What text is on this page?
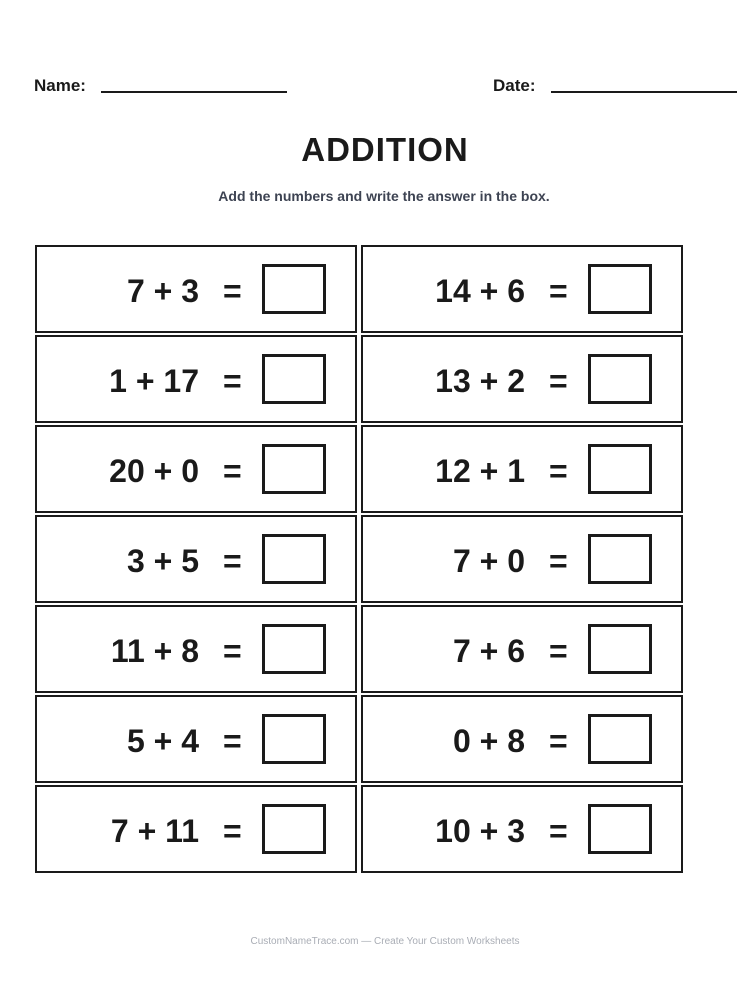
Name:	Date:
ADDITION
Add the numbers and write the answer in the box.
7 + 3 =	14 + 6 =
1 + 17 =	13 + 2 =
20 + 0 =	12 + 1 =
3 + 5 =	7 + 0 =
11 + 8 =	7 + 6 =
5 + 4 =	0 + 8 =
7 + 11 =	10 + 3 =
CustomNameTrace.com — Create Your Custom Worksheets
